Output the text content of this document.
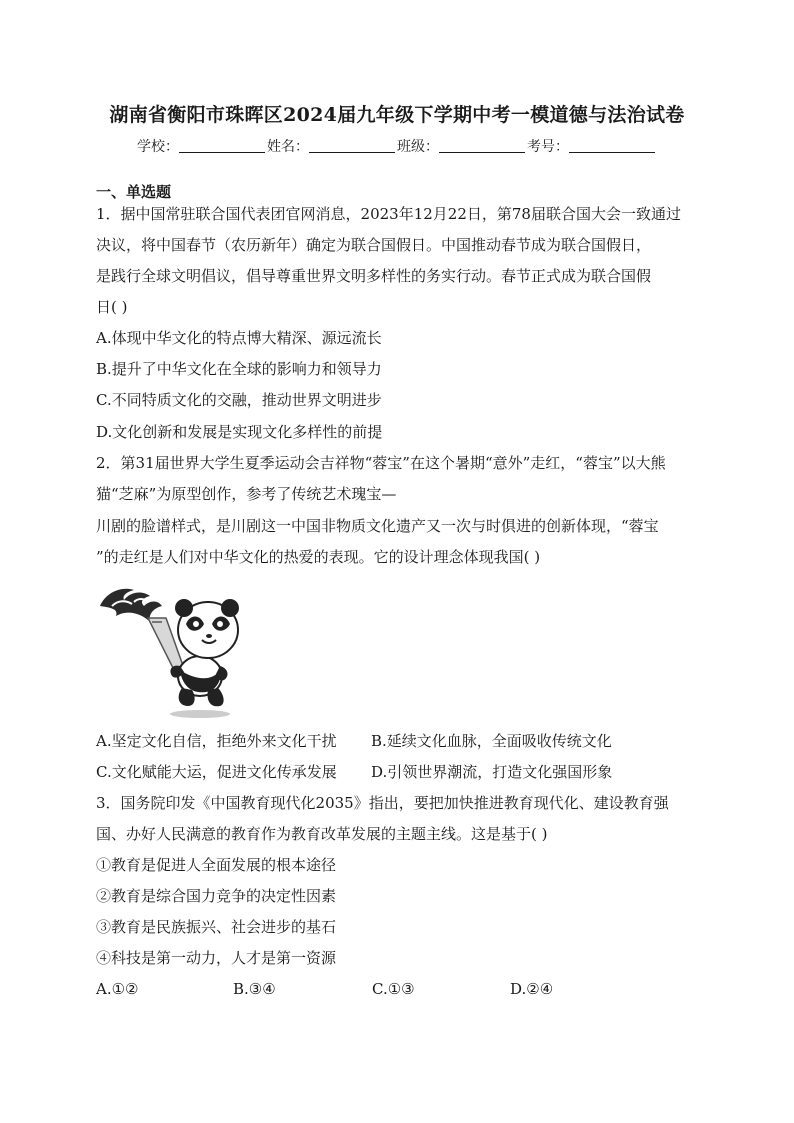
湖南省衡阳市珠晖区2024届九年级下学期中考一模道德与法治试卷
学校：	姓名：	班级：	考号：
一、单选题
1．据中国常驻联合国代表团官网消息，2023年12月22日，第78届联合国大会一致通过
决议，将中国春节（农历新年）确定为联合国假日。中国推动春节成为联合国假日，
是践行全球文明倡议，倡导尊重世界文明多样性的务实行动。春节正式成为联合国假
日( )
A.体现中华文化的特点博大精深、源远流长
B.提升了中华文化在全球的影响力和领导力
C.不同特质文化的交融，推动世界文明进步
D.文化创新和发展是实现文化多样性的前提
2．第31届世界大学生夏季运动会吉祥物“蓉宝”在这个暑期“意外”走红，“蓉宝”以大熊
猫“芝麻”为原型创作，参考了传统艺术瑰宝—
川剧的脸谱样式，是川剧这一中国非物质文化遗产又一次与时俱进的创新体现，“蓉宝
”的走红是人们对中华文化的热爱的表现。它的设计理念体现我国( )
A.坚定文化自信，拒绝外来文化干扰 B.延续文化血脉，全面吸收传统文化
C.文化赋能大运，促进文化传承发展 D.引领世界潮流，打造文化强国形象
3．国务院印发《中国教育现代化2035》指出，要把加快推进教育现代化、建设教育强
国、办好人民满意的教育作为教育改革发展的主题主线。这是基于( )
①教育是促进人全面发展的根本途径
②教育是综合国力竞争的决定性因素
③教育是民族振兴、社会进步的基石
④科技是第一动力，人才是第一资源
A.①②	B.③④	C.①③	D.②④
